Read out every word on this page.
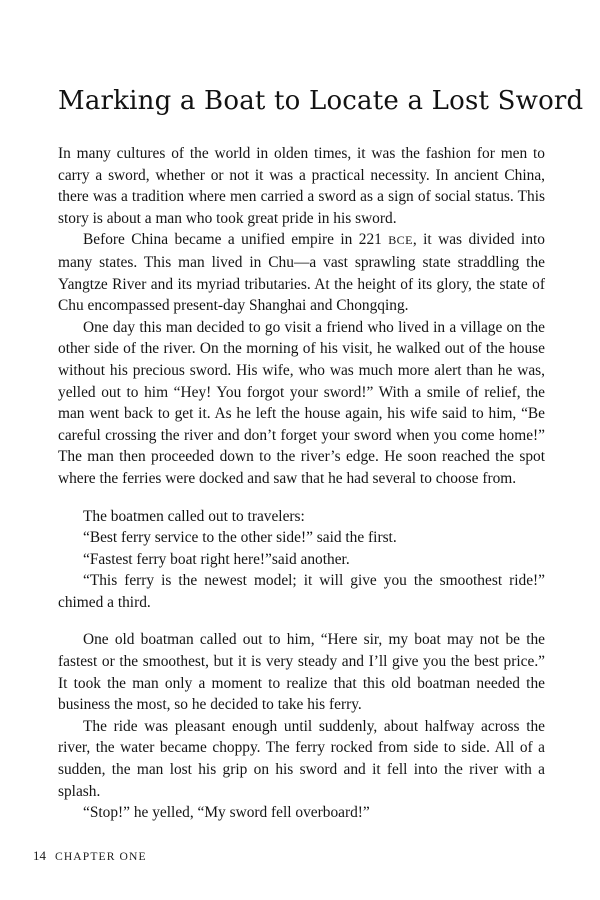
Marking a Boat to Locate a Lost Sword

In many cultures of the world in olden times, it was the fashion for men to carry a sword, whether or not it was a practical necessity. In ancient China, there was a tradition where men carried a sword as a sign of social status. This story is about a man who took great pride in his sword.

Before China became a unified empire in 221 BCE, it was divided into many states. This man lived in Chu—a vast sprawling state straddling the Yangtze River and its myriad tributaries. At the height of its glory, the state of Chu encompassed present-day Shanghai and Chongqing.

One day this man decided to go visit a friend who lived in a village on the other side of the river. On the morning of his visit, he walked out of the house without his precious sword. His wife, who was much more alert than he was, yelled out to him “Hey! You forgot your sword!” With a smile of relief, the man went back to get it. As he left the house again, his wife said to him, “Be careful crossing the river and don’t forget your sword when you come home!” The man then proceeded down to the river’s edge. He soon reached the spot where the ferries were docked and saw that he had several to choose from.

The boatmen called out to travelers:

“Best ferry service to the other side!” said the first.

“Fastest ferry boat right here!”said another.

“This ferry is the newest model; it will give you the smoothest ride!” chimed a third.

One old boatman called out to him, “Here sir, my boat may not be the fastest or the smoothest, but it is very steady and I’ll give you the best price.” It took the man only a moment to realize that this old boatman needed the business the most, so he decided to take his ferry.

The ride was pleasant enough until suddenly, about halfway across the river, the water became choppy. The ferry rocked from side to side. All of a sudden, the man lost his grip on his sword and it fell into the river with a splash.

“Stop!” he yelled, “My sword fell overboard!”

14 CHAPTER ONE
